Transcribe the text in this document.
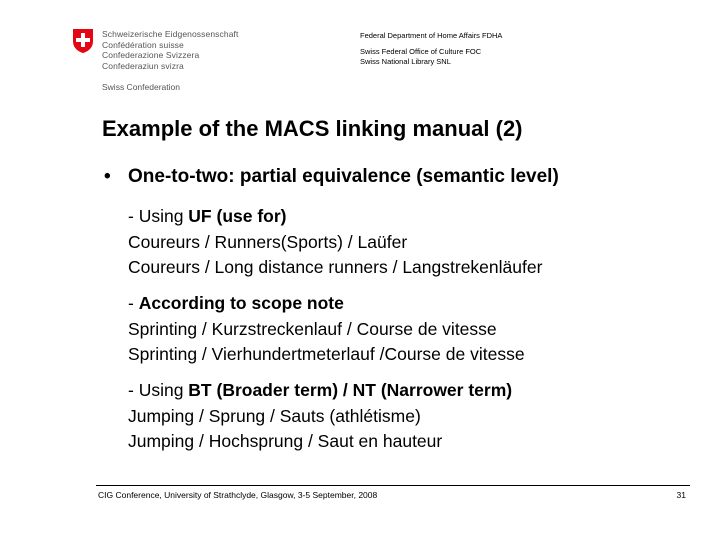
Schweizerische Eidgenossenschaft
Confédération suisse
Confederazione Svizzera
Confederaziun svizra
Swiss Confederation
Federal Department of Home Affairs FDHA
Swiss Federal Office of Culture FOC
Swiss National Library SNL
Example of the MACS linking manual (2)
• One-to-two: partial equivalence (semantic level)
- Using UF (use for)
Coureurs / Runners(Sports) / Laüfer
Coureurs / Long distance runners / Langstrekenläufer
- According to scope note
Sprinting / Kurzstreckenlauf / Course de vitesse
Sprinting / Vierhundertmeterlauf /Course de vitesse
- Using BT (Broader term) / NT (Narrower term)
Jumping / Sprung / Sauts (athlétisme)
Jumping / Hochsprung / Saut en hauteur
CIG Conference, University of Strathclyde, Glasgow, 3-5 September, 2008	31
